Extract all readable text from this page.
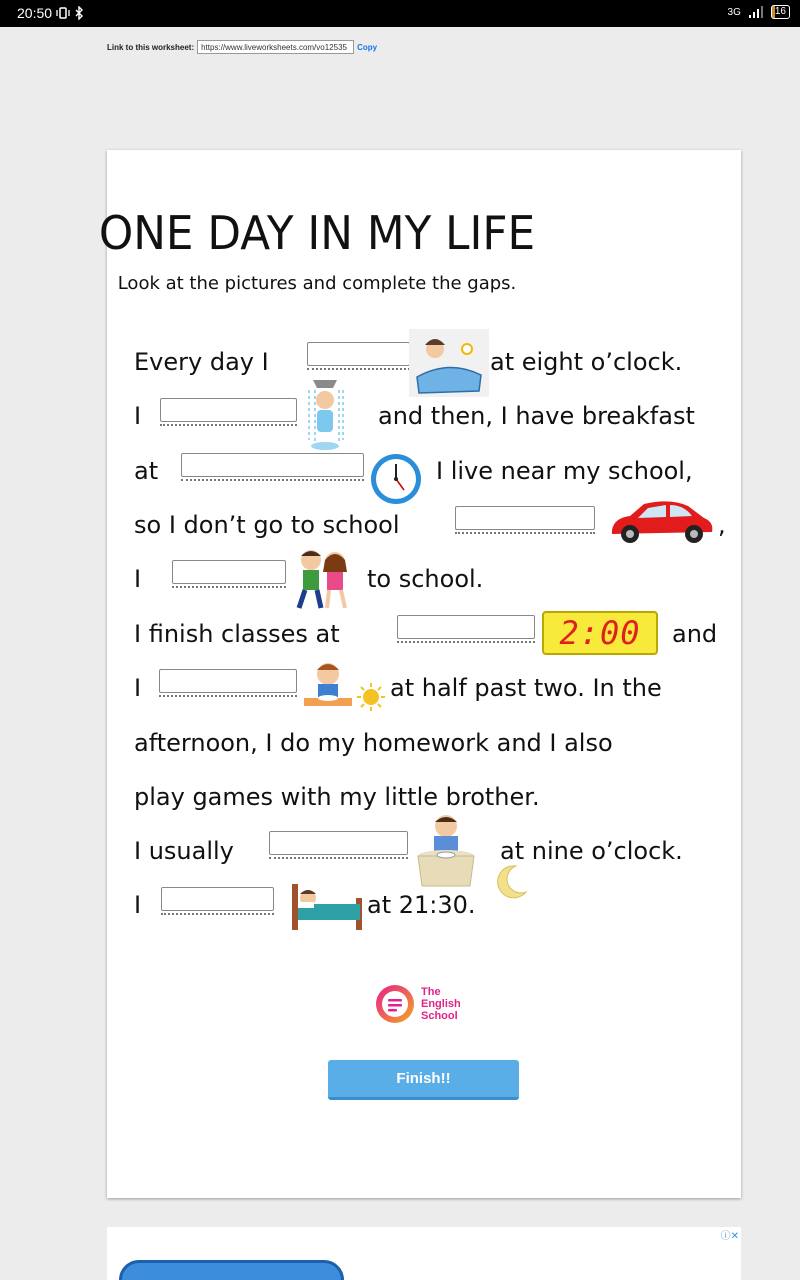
20:50	3G	16
Link to this worksheet:
https://www.liveworksheets.com/vo12535	Copy
ONE DAY IN MY LIFE
Look at the pictures and complete the gaps.
Every day I	at eight o’clock.
I	and then, I have breakfast
at	I live near my school,
so I don’t go to school	,
I	to school.
I finish classes at	2:00 and
I	at half past two. In the
afternoon, I do my homework and I also
play games with my little brother.
I usually	at nine o’clock.
I	at 21:30.
The
English
School
Finish!!
ⓘ✕
